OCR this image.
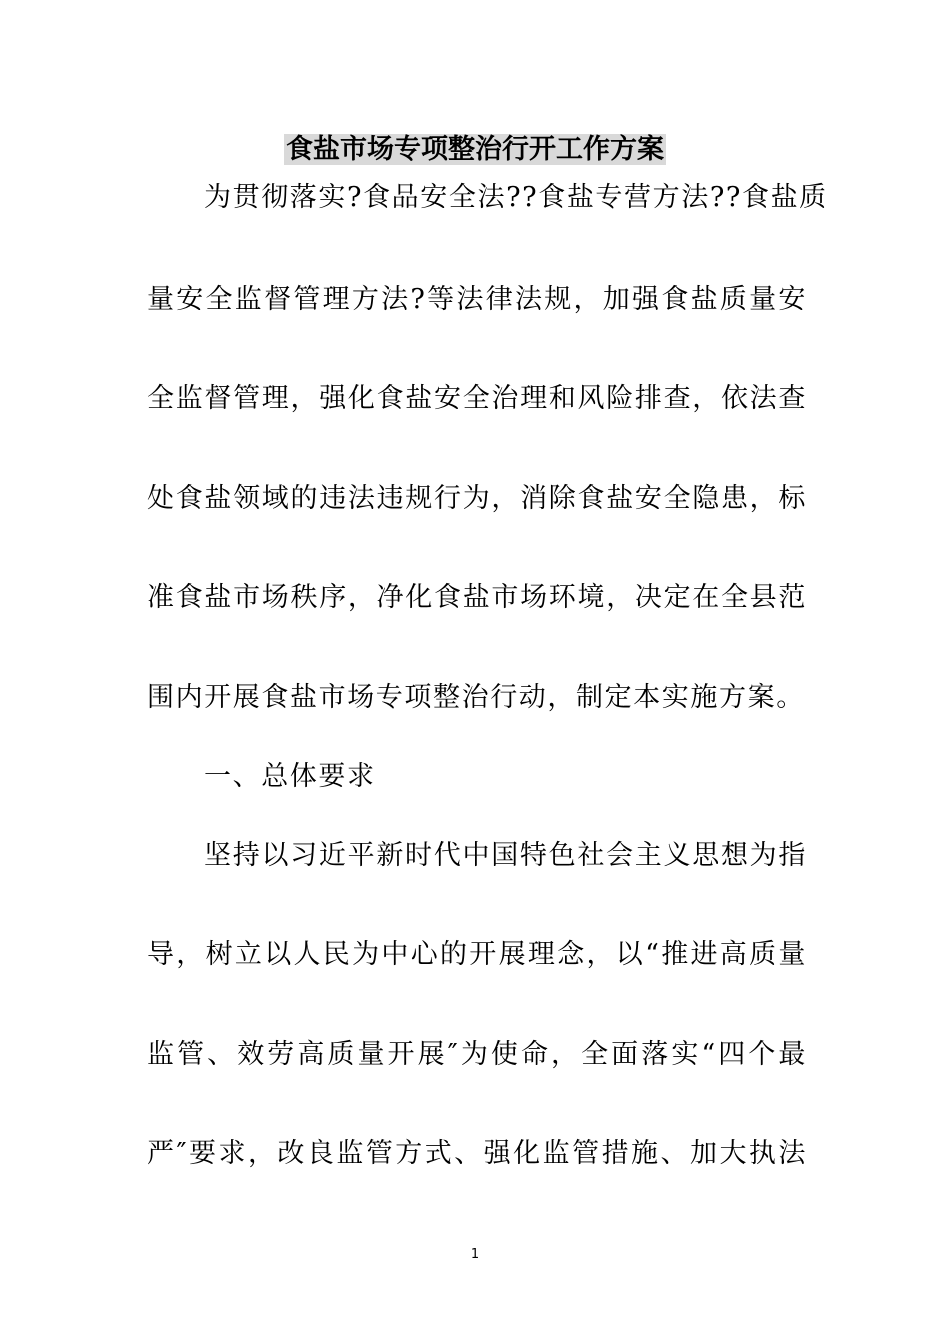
食盐市场专项整治行开工作方案
为贯彻落实?食品安全法??食盐专营方法??食盐质
量安全监督管理方法?等法律法规，加强食盐质量安
全监督管理，强化食盐安全治理和风险排查，依法查
处食盐领域的违法违规行为，消除食盐安全隐患，标
准食盐市场秩序，净化食盐市场环境，决定在全县范
围内开展食盐市场专项整治行动，制定本实施方案。
一、总体要求
坚持以习近平新时代中国特色社会主义思想为指
导，树立以人民为中心的开展理念，以“推进高质量
监管、效劳高质量开展″为使命，全面落实“四个最
严″要求，改良监管方式、强化监管措施、加大执法
1
